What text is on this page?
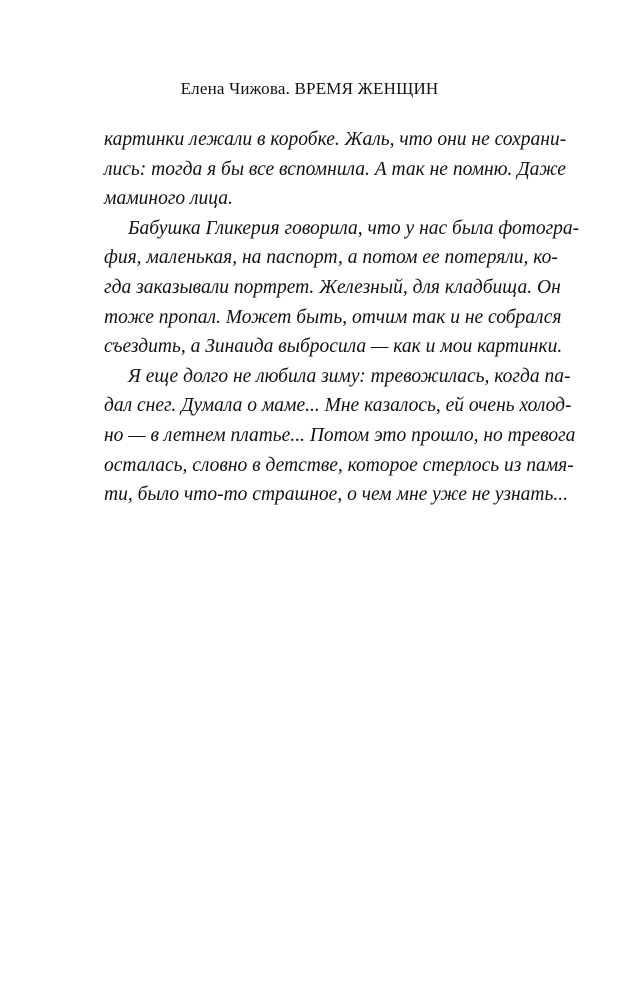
Елена Чижова. ВРЕМЯ ЖЕНЩИН
картинки лежали в коробке. Жаль, что они не сохрани-
лись: тогда я бы все вспомнила. А так не помню. Даже
маминого лица.
Бабушка Гликерия говорила, что у нас была фотогра-
фия, маленькая, на паспорт, а потом ее потеряли, ко-
гда заказывали портрет. Железный, для кладбища. Он
тоже пропал. Может быть, отчим так и не собрался
съездить, а Зинаида выбросила — как и мои картинки.
Я еще долго не любила зиму: тревожилась, когда па-
дал снег. Думала о маме... Мне казалось, ей очень холод-
но — в летнем платье... Потом это прошло, но тревога
осталась, словно в детстве, которое стерлось из памя-
ти, было что-то страшное, о чем мне уже не узнать...
